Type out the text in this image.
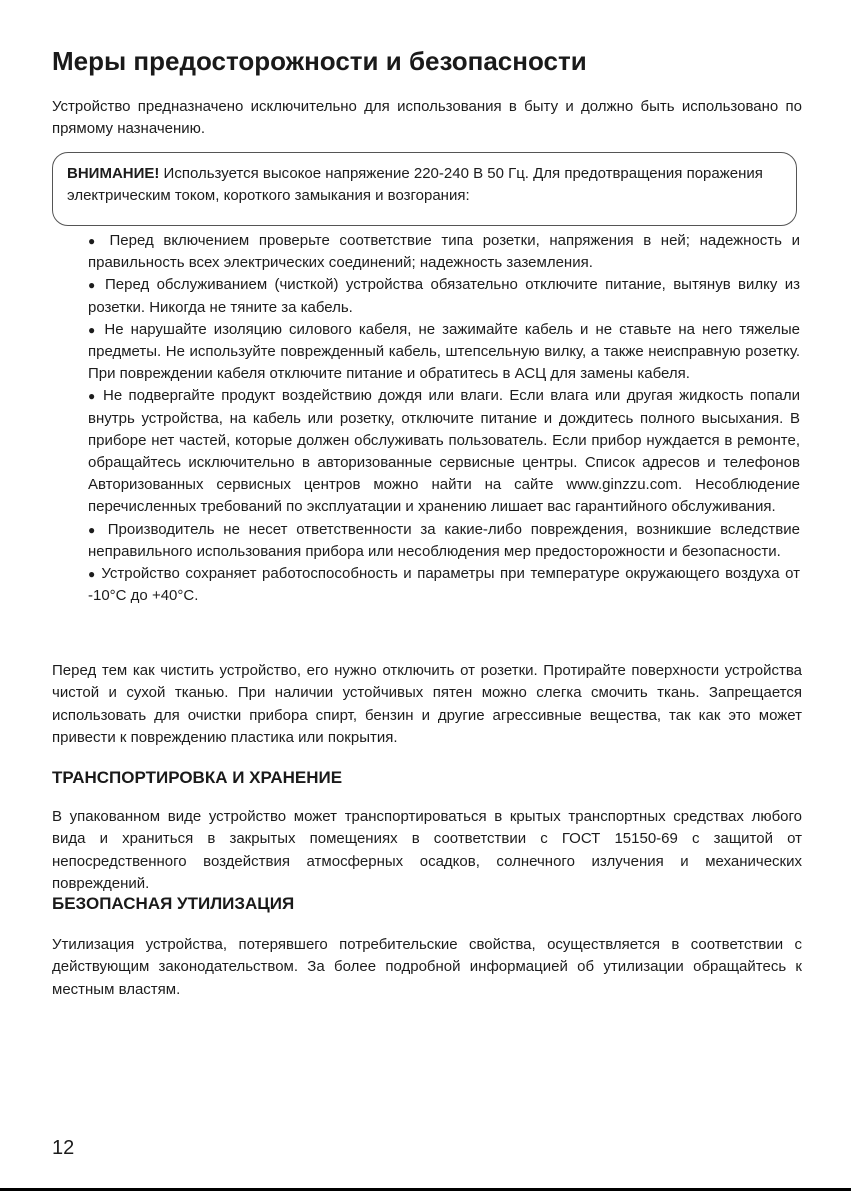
Меры предосторожности и безопасности

Устройство предназначено исключительно для использования в быту и должно быть использовано по прямому назначению.

ВНИМАНИЕ! Используется высокое напряжение 220-240 В 50 Гц. Для предотвращения поражения электрическим током, короткого замыкания и возгорания:

● Перед включением проверьте соответствие типа розетки, напряжения в ней; надежность и правильность всех электрических соединений; надежность заземления.
● Перед обслуживанием (чисткой) устройства обязательно отключите питание, вытянув вилку из розетки. Никогда не тяните за кабель.
● Не нарушайте изоляцию силового кабеля, не зажимайте кабель и не ставьте на него тяжелые предметы. Не используйте поврежденный кабель, штепсельную вилку, а также неисправную розетку. При повреждении кабеля отключите питание и обратитесь в АСЦ для замены кабеля.
● Не подвергайте продукт воздействию дождя или влаги. Если влага или другая жидкость попали внутрь устройства, на кабель или розетку, отключите питание и дождитесь полного высыхания. В приборе нет частей, которые должен обслуживать пользователь. Если прибор нуждается в ремонте, обращайтесь исключительно в авторизованные сервисные центры. Список адресов и телефонов Авторизованных сервисных центров можно найти на сайте www.ginzzu.com. Несоблюдение перечисленных требований по эксплуатации и хранению лишает вас гарантийного обслуживания.
● Производитель не несет ответственности за какие-либо повреждения, возникшие вследствие неправильного использования прибора или несоблюдения мер предосторожности и безопасности.
● Устройство сохраняет работоспособность и параметры при температуре окружающего воздуха от -10°С до +40°С.

Перед тем как чистить устройство, его нужно отключить от розетки. Протирайте поверхности устройства чистой и сухой тканью. При наличии устойчивых пятен можно слегка смочить ткань. Запрещается использовать для очистки прибора спирт, бензин и другие агрессивные вещества, так как это может привести к повреждению пластика или покрытия.

ТРАНСПОРТИРОВКА И ХРАНЕНИЕ

В упакованном виде устройство может транспортироваться в крытых транспортных средствах любого вида и храниться в закрытых помещениях в соответствии с ГОСТ 15150-69 с защитой от непосредственного воздействия атмосферных осадков, солнечного излучения и механических повреждений.

БЕЗОПАСНАЯ УТИЛИЗАЦИЯ

Утилизация устройства, потерявшего потребительские свойства, осуществляется в соответствии с действующим законодательством. За более подробной информацией об утилизации обращайтесь к местным властям.

12
